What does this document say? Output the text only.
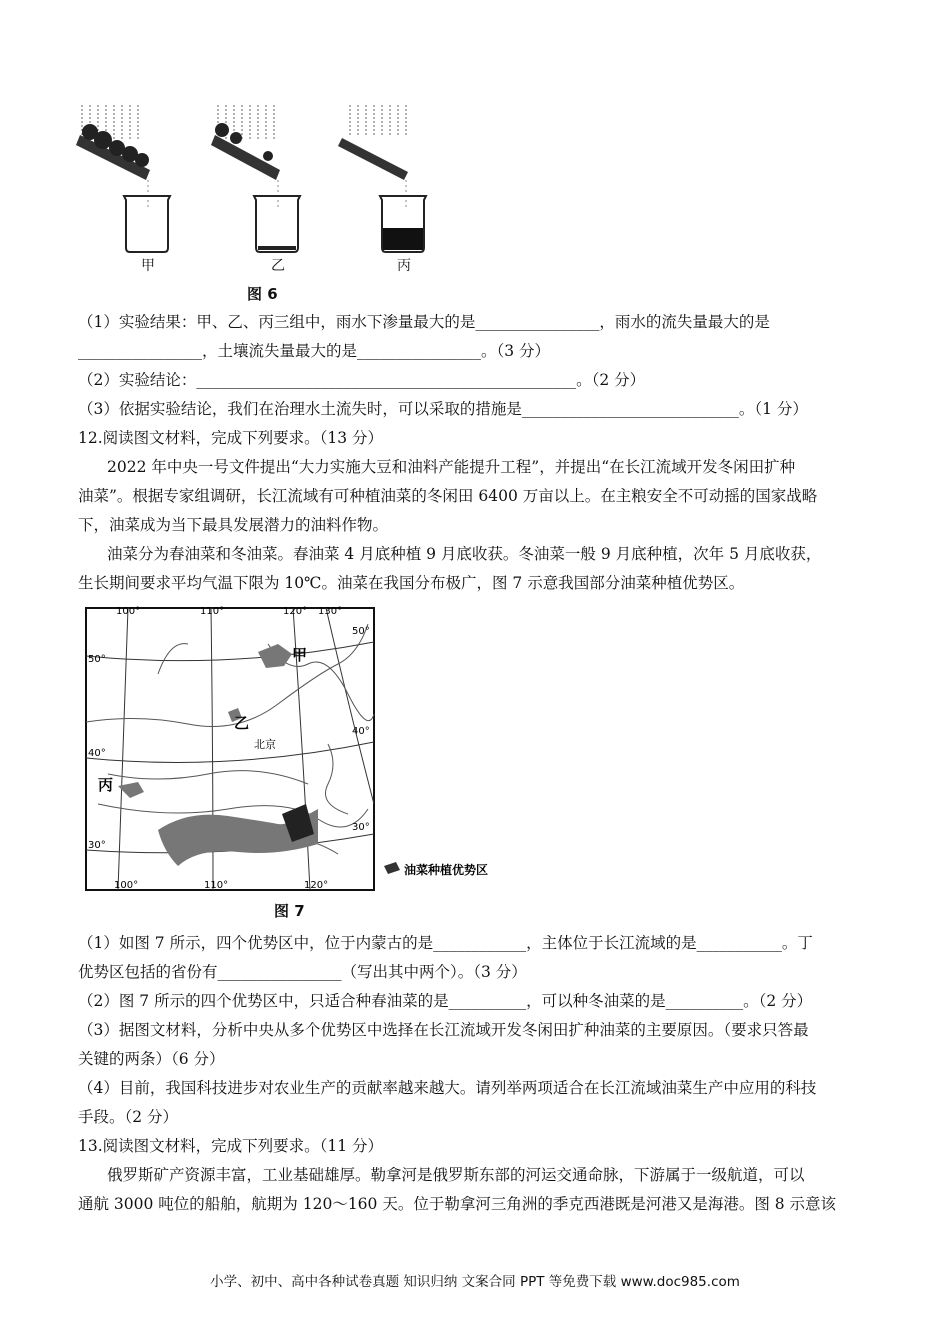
甲	乙	丙
图 6
（1）实验结果：甲、乙、丙三组中，雨水下渗量最大的是________________，雨水的流失量最大的是
________________，土壤流失量最大的是________________。（3 分）
（2）实验结论：_________________________________________________。（2 分）
（3）依据实验结论，我们在治理水土流失时，可以采取的措施是____________________________。（1 分）
12.阅读图文材料，完成下列要求。（13 分）
2022 年中央一号文件提出“大力实施大豆和油料产能提升工程”，并提出“在长江流域开发冬闲田扩种
油菜”。根据专家组调研，长江流域有可种植油菜的冬闲田 6400 万亩以上。在主粮安全不可动摇的国家战略
下，油菜成为当下最具发展潜力的油料作物。
油菜分为春油菜和冬油菜。春油菜 4 月底种植 9 月底收获。冬油菜一般 9 月底种植，次年 5 月底收获，
生长期间要求平均气温下限为 10℃。油菜在我国分布极广，图 7 示意我国部分油菜种植优势区。
甲
乙
丙
北京
100°	110°	120° 130°
100°	110°	120°
50°
40°
30°
50°
40°
30°
油菜种植优势区
图 7
（1）如图 7 所示，四个优势区中，位于内蒙古的是____________，主体位于长江流域的是___________。丁
优势区包括的省份有________________（写出其中两个）。（3 分）
（2）图 7 所示的四个优势区中，只适合种春油菜的是__________，可以种冬油菜的是__________。（2 分）
（3）据图文材料，分析中央从多个优势区中选择在长江流域开发冬闲田扩种油菜的主要原因。（要求只答最
关键的两条）（6 分）
（4）目前，我国科技进步对农业生产的贡献率越来越大。请列举两项适合在长江流域油菜生产中应用的科技
手段。（2 分）
13.阅读图文材料，完成下列要求。（11 分）
俄罗斯矿产资源丰富，工业基础雄厚。勒拿河是俄罗斯东部的河运交通命脉，下游属于一级航道，可以
通航 3000 吨位的船舶，航期为 120～160 天。位于勒拿河三角洲的季克西港既是河港又是海港。图 8 示意该
小学、初中、高中各种试卷真题 知识归纳 文案合同 PPT 等免费下载 www.doc985.com
